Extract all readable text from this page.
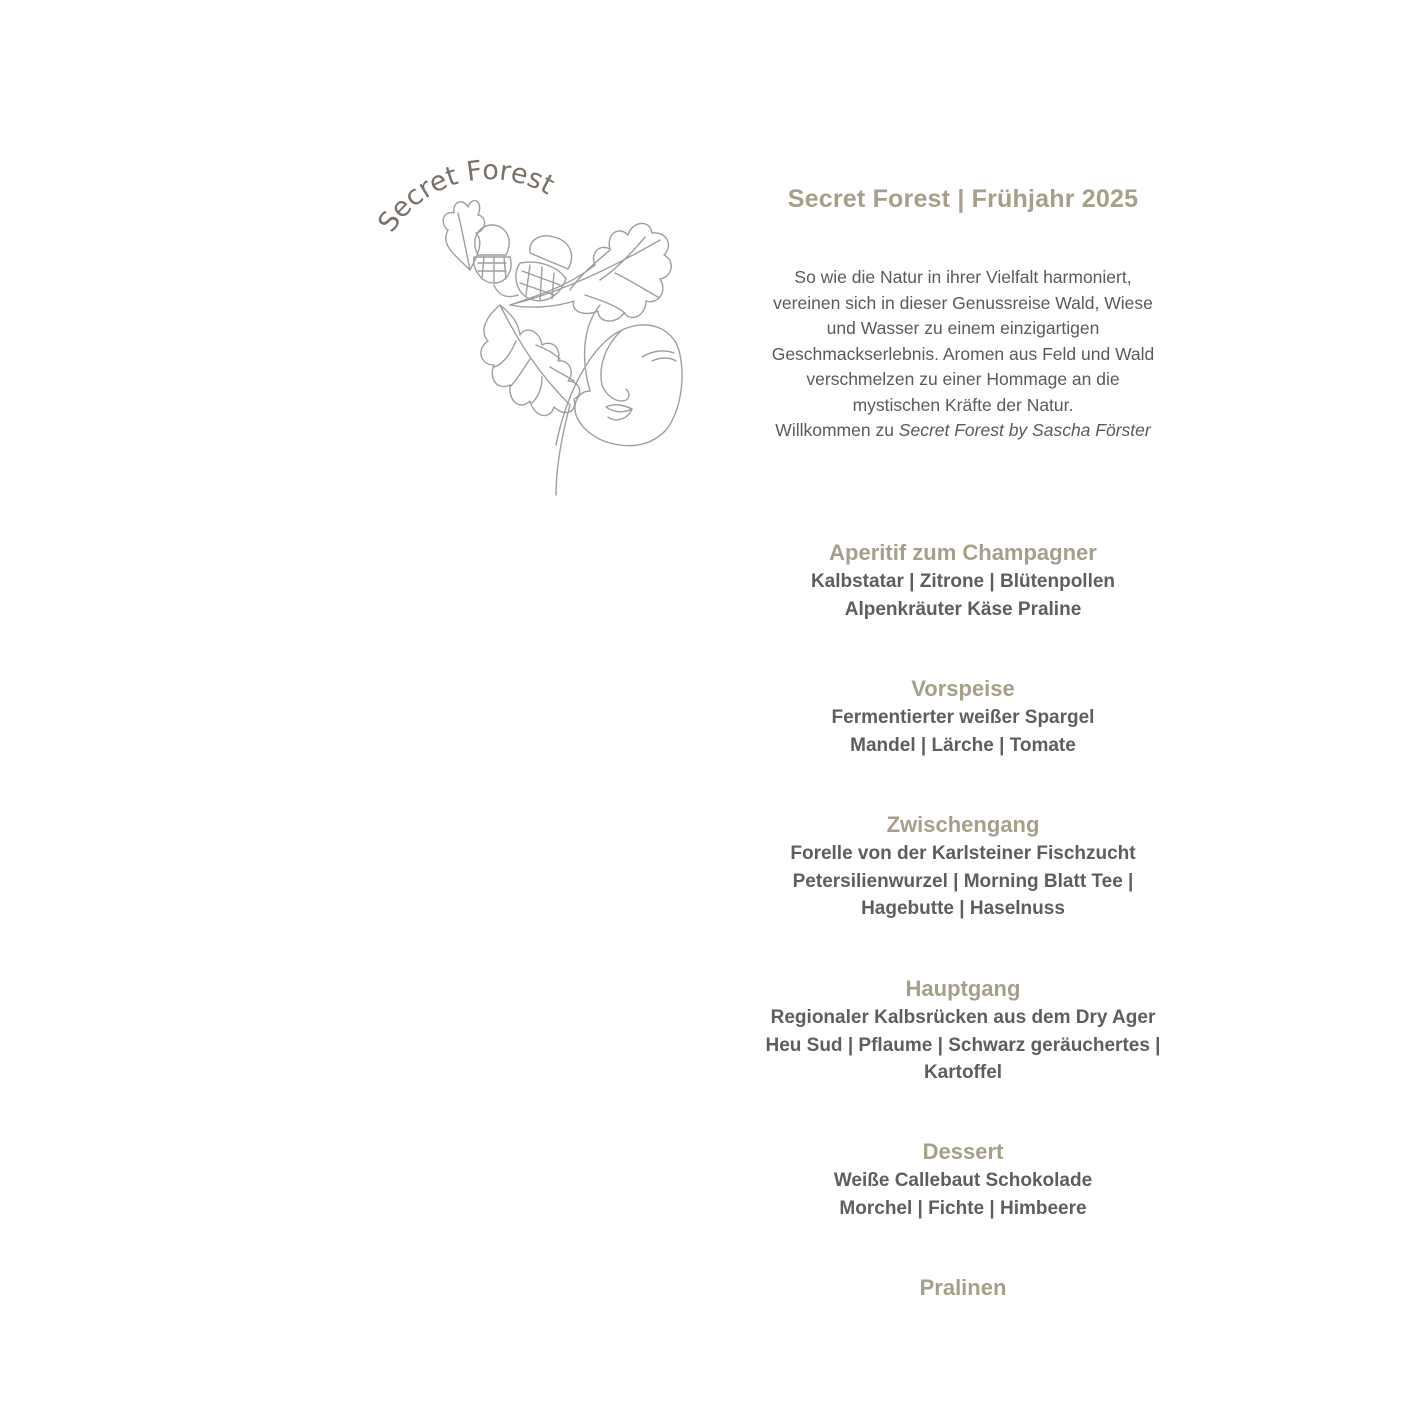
Secret Forest	Secret Forest | Frühjahr 2025

So wie die Natur in ihrer Vielfalt harmoniert,

vereinen sich in dieser Genussreise Wald, Wiese

und Wasser zu einem einzigartigen

Geschmackserlebnis. Aromen aus Feld und Wald

verschmelzen zu einer Hommage an die

mystischen Kräfte der Natur.

Willkommen zu Secret Forest by Sascha Förster

Aperitif zum Champagner
Kalbstatar | Zitrone | Blütenpollen
Alpenkräuter Käse Praline
Vorspeise
Fermentierter weißer Spargel
Mandel | Lärche | Tomate
Zwischengang
Forelle von der Karlsteiner Fischzucht
Petersilienwurzel | Morning Blatt Tee |
Hagebutte | Haselnuss
Hauptgang
Regionaler Kalbsrücken aus dem Dry Ager
Heu Sud | Pflaume | Schwarz geräuchertes |
Kartoffel
Dessert
Weiße Callebaut Schokolade
Morchel | Fichte | Himbeere
Pralinen
